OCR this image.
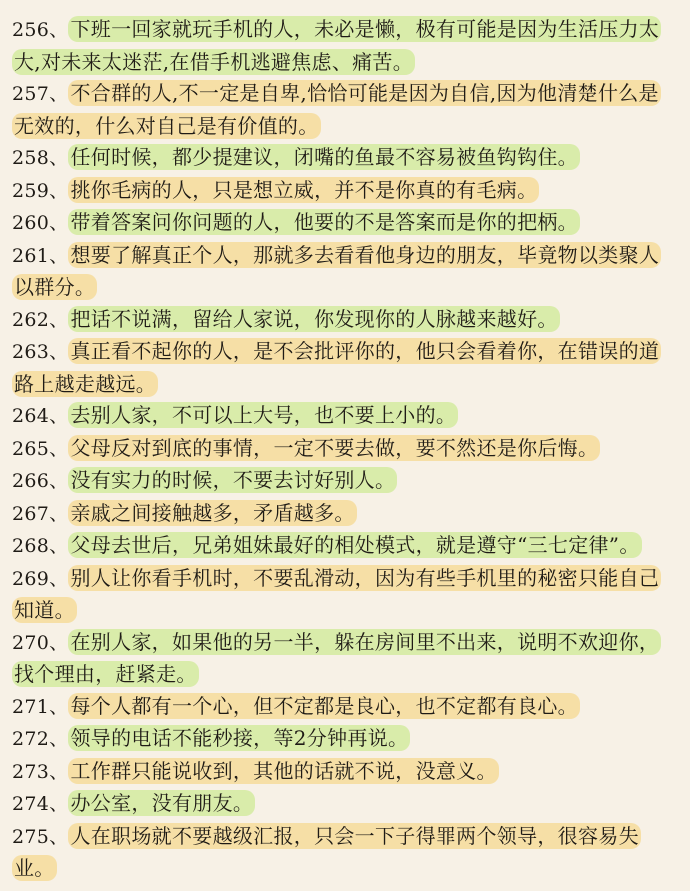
256、 下班一回家就玩手机的人，未必是懒，极有可能是因为生活压力太大,对未来太迷茫,在借手机逃避焦虑、痛苦。

257、 不合群的人,不一定是自卑,恰恰可能是因为自信,因为他清楚什么是无效的，什么对自己是有价值的。

258、 任何时候，都少提建议，闭嘴的鱼最不容易被鱼钩钩住。

259、 挑你毛病的人，只是想立威，并不是你真的有毛病。

260、 带着答案问你问题的人，他要的不是答案而是你的把柄。

261、 想要了解真正个人，那就多去看看他身边的朋友，毕竟物以类聚人以群分。

262、 把话不说满，留给人家说，你发现你的人脉越来越好。

263、 真正看不起你的人，是不会批评你的，他只会看着你，在错误的道路上越走越远。

264、 去别人家，不可以上大号，也不要上小的。

265、 父母反对到底的事情，一定不要去做，要不然还是你后悔。

266、 没有实力的时候，不要去讨好别人。

267、 亲戚之间接触越多，矛盾越多。

268、 父母去世后，兄弟姐妹最好的相处模式，就是遵守“三七定律”。

269、 别人让你看手机时，不要乱滑动，因为有些手机里的秘密只能自己知道。

270、 在别人家，如果他的另一半，躲在房间里不出来，说明不欢迎你，找个理由，赶紧走。

271、 每个人都有一个心，但不定都是良心，也不定都有良心。

272、 领导的电话不能秒接，等2分钟再说。

273、 工作群只能说收到，其他的话就不说，没意义。

274、 办公室，没有朋友。

275、 人在职场就不要越级汇报，只会一下子得罪两个领导，很容易失业。
